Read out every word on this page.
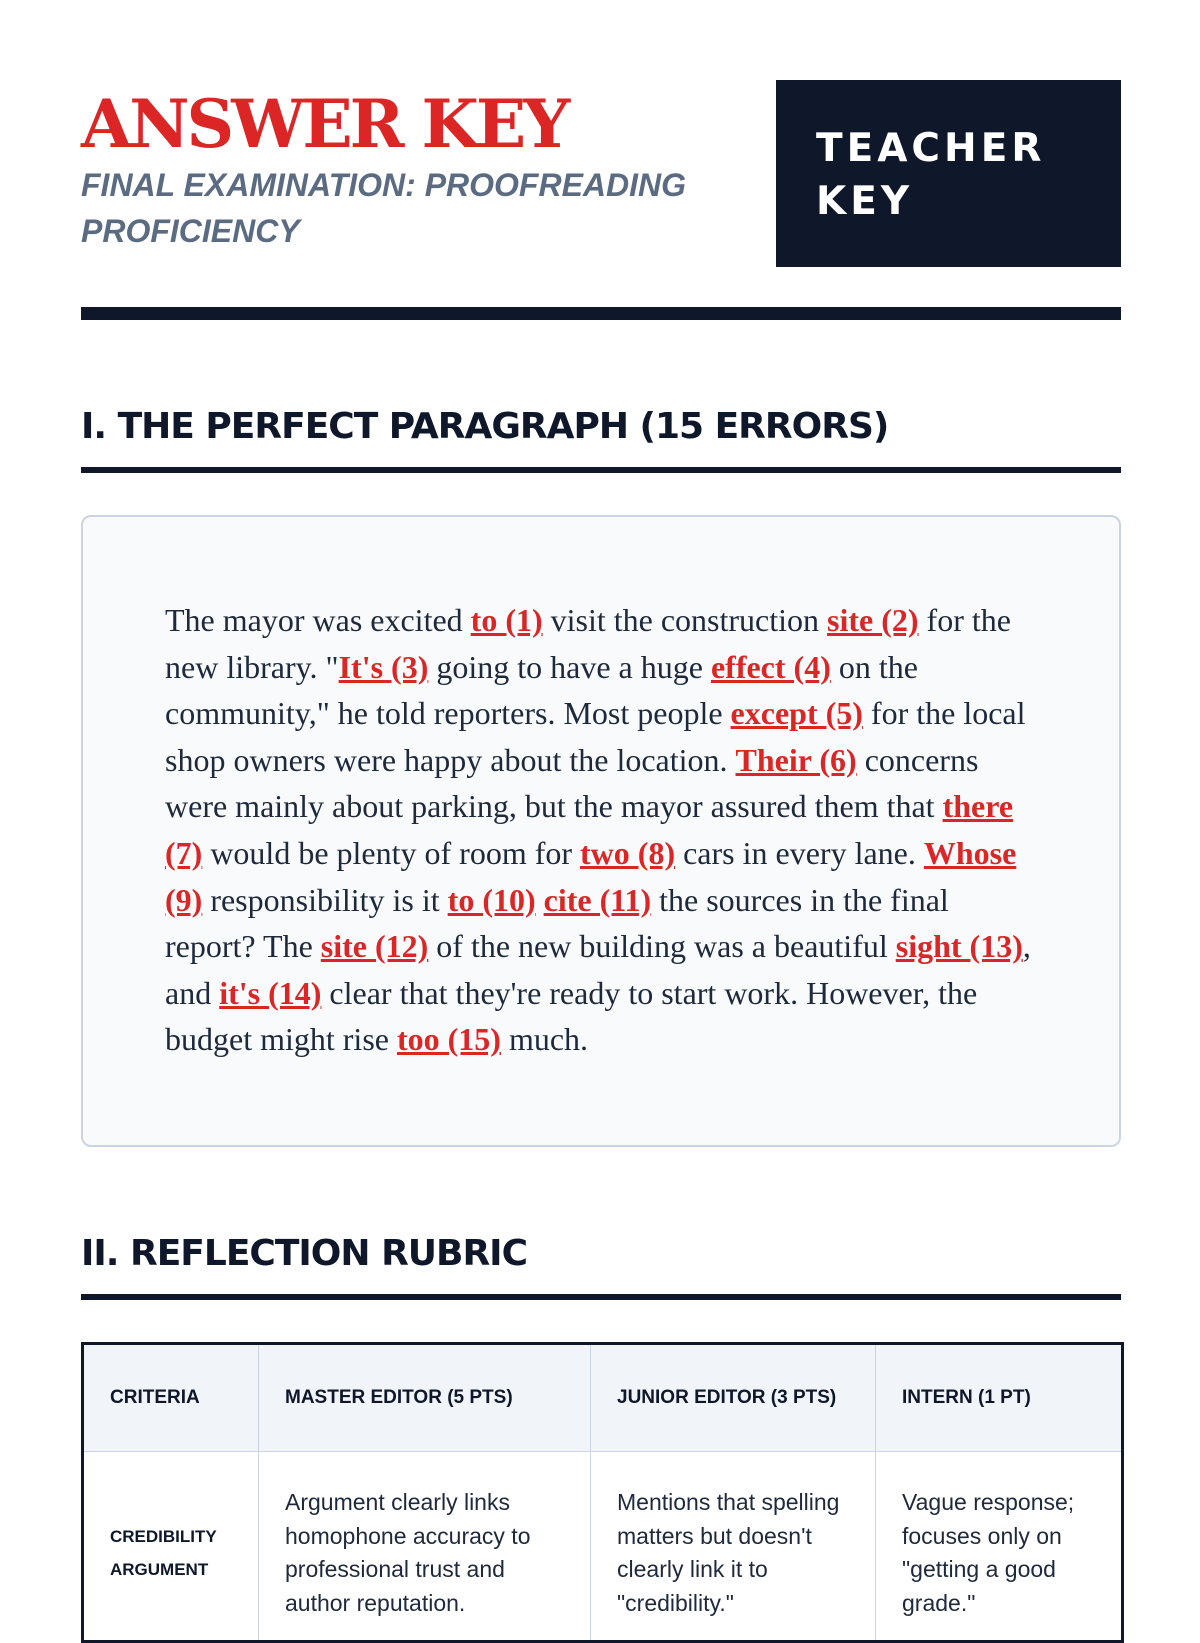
ANSWER KEY

FINAL EXAMINATION: PROOFREADING PROFICIENCY

TEACHER KEY
I. THE PERFECT PARAGRAPH (15 ERRORS)

The mayor was excited to (1) visit the construction site (2) for the new library. "It's (3) going to have a huge effect (4) on the community," he told reporters. Most people except (5) for the local shop owners were happy about the location. Their (6) concerns were mainly about parking, but the mayor assured them that there (7) would be plenty of room for two (8) cars in every lane. Whose (9) responsibility is it to (10) cite (11) the sources in the final report? The site (12) of the new building was a beautiful sight (13), and it's (14) clear that they're ready to start work. However, the budget might rise too (15) much.

II. REFLECTION RUBRIC
CRITERIA	MASTER EDITOR (5 PTS)	JUNIOR EDITOR (3 PTS)	INTERN (1 PT)
CREDIBILITY ARGUMENT	Argument clearly links homophone accuracy to professional trust and author reputation.	Mentions that spelling matters but doesn't clearly link it to "credibility."	Vague response; focuses only on "getting a good grade."
